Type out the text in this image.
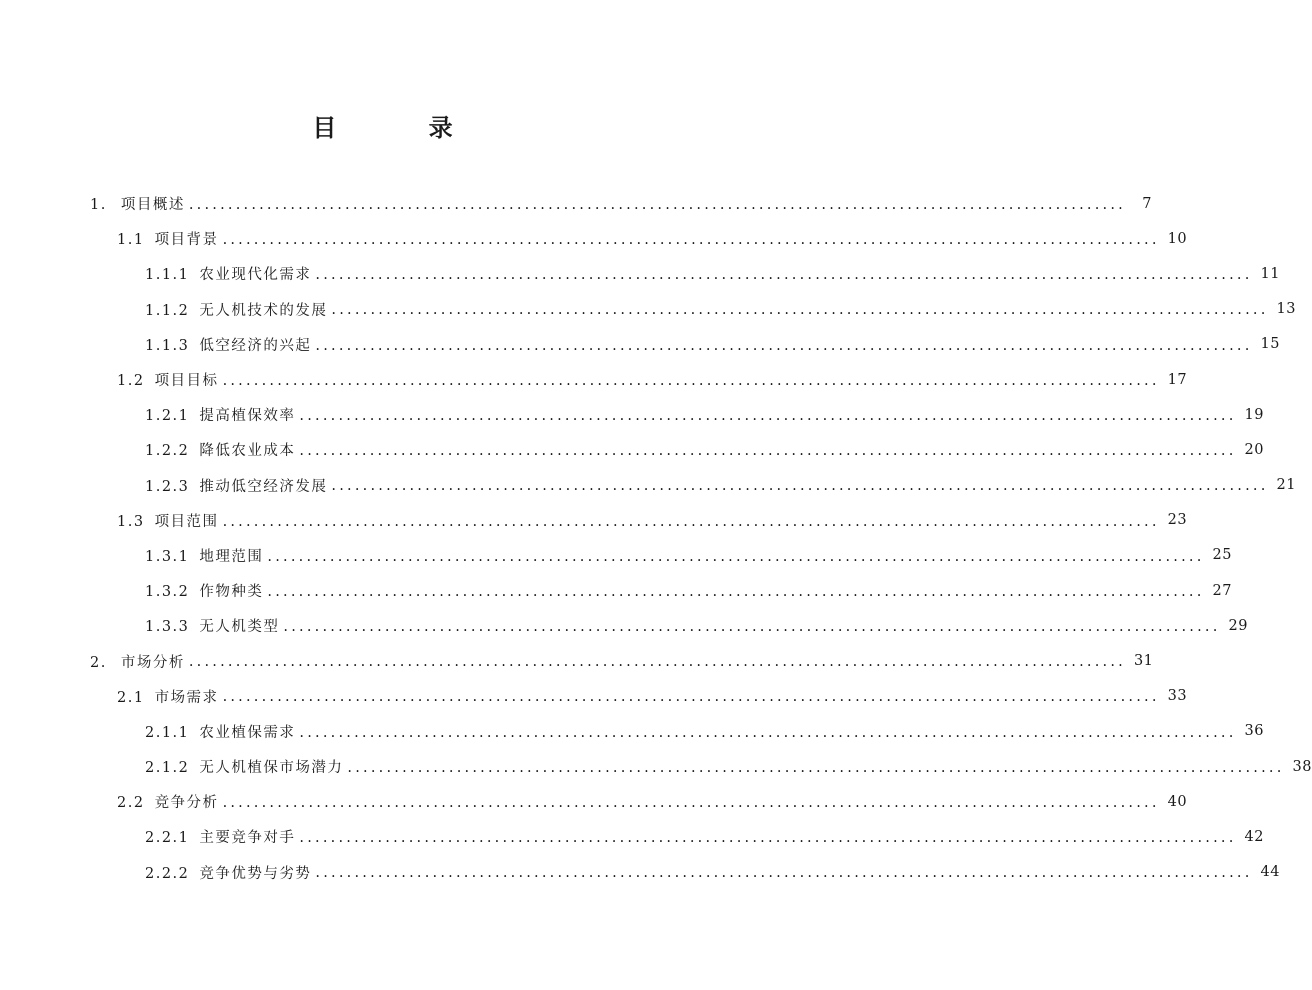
目 录
1. 项目概述 ........................................................................................................................	7
1.1 项目背景 ........................................................................................................................ 10
1.1.1 农业现代化需求 ........................................................................................................................ 11
1.1.2 无人机技术的发展 ........................................................................................................................ 13
1.1.3 低空经济的兴起 ........................................................................................................................ 15
1.2 项目目标 ........................................................................................................................ 17
1.2.1 提高植保效率 ........................................................................................................................ 19
1.2.2 降低农业成本 ........................................................................................................................ 20
1.2.3 推动低空经济发展 ........................................................................................................................ 21
1.3 项目范围 ........................................................................................................................ 23
1.3.1 地理范围 ........................................................................................................................ 25
1.3.2 作物种类 ........................................................................................................................ 27
1.3.3 无人机类型 ........................................................................................................................ 29
2. 市场分析 ........................................................................................................................ 31
2.1 市场需求 ........................................................................................................................ 33
2.1.1 农业植保需求 ........................................................................................................................ 36
2.1.2 无人机植保市场潜力 ........................................................................................................................ 38
2.2 竞争分析 ........................................................................................................................ 40
2.2.1 主要竞争对手 ........................................................................................................................ 42
2.2.2 竞争优势与劣势 ........................................................................................................................ 44
